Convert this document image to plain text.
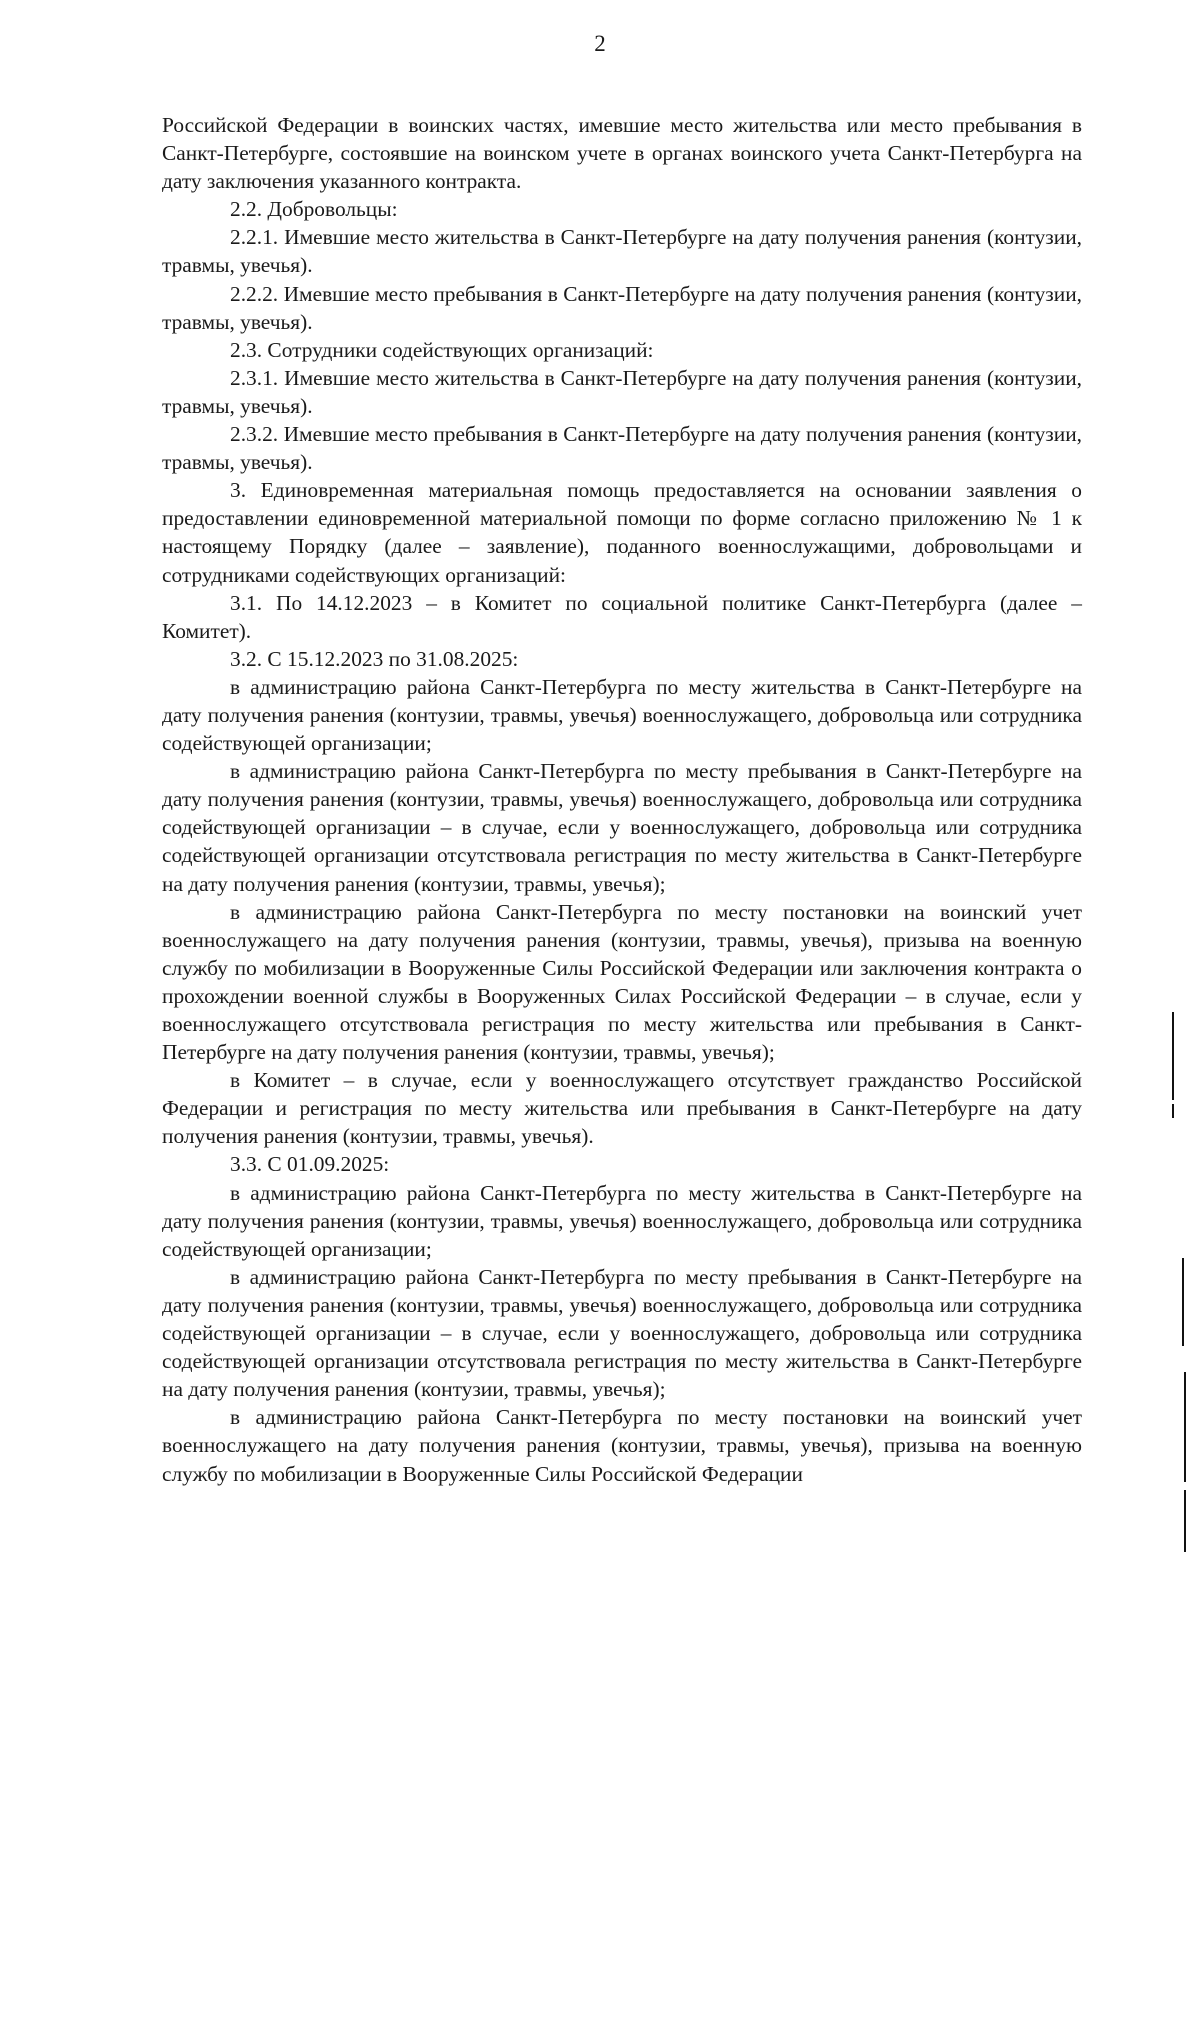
2

Российской Федерации в воинских частях, имевшие место жительства или место пребывания в Санкт-Петербурге, состоявшие на воинском учете в органах воинского учета Санкт-Петербурга на дату заключения указанного контракта.

2.2. Добровольцы:

2.2.1. Имевшие место жительства в Санкт-Петербурге на дату получения ранения (контузии, травмы, увечья).

2.2.2. Имевшие место пребывания в Санкт-Петербурге на дату получения ранения (контузии, травмы, увечья).

2.3. Сотрудники содействующих организаций:

2.3.1. Имевшие место жительства в Санкт-Петербурге на дату получения ранения (контузии, травмы, увечья).

2.3.2. Имевшие место пребывания в Санкт-Петербурге на дату получения ранения (контузии, травмы, увечья).

3. Единовременная материальная помощь предоставляется на основании заявления о предоставлении единовременной материальной помощи по форме согласно приложению № 1 к настоящему Порядку (далее – заявление), поданного военнослужащими, добровольцами и сотрудниками содействующих организаций:

3.1. По 14.12.2023 – в Комитет по социальной политике Санкт-Петербурга (далее – Комитет).

3.2. С 15.12.2023 по 31.08.2025:

в администрацию района Санкт-Петербурга по месту жительства в Санкт-Петербурге на дату получения ранения (контузии, травмы, увечья) военнослужащего, добровольца или сотрудника содействующей организации;

в администрацию района Санкт-Петербурга по месту пребывания в Санкт-Петербурге на дату получения ранения (контузии, травмы, увечья) военнослужащего, добровольца или сотрудника содействующей организации – в случае, если у военнослужащего, добровольца или сотрудника содействующей организации отсутствовала регистрация по месту жительства в Санкт-Петербурге на дату получения ранения (контузии, травмы, увечья);

в администрацию района Санкт-Петербурга по месту постановки на воинский учет военнослужащего на дату получения ранения (контузии, травмы, увечья), призыва на военную службу по мобилизации в Вооруженные Силы Российской Федерации или заключения контракта о прохождении военной службы в Вооруженных Силах Российской Федерации – в случае, если у военнослужащего отсутствовала регистрация по месту жительства или пребывания в Санкт-Петербурге на дату получения ранения (контузии, травмы, увечья);

в Комитет – в случае, если у военнослужащего отсутствует гражданство Российской Федерации и регистрация по месту жительства или пребывания в Санкт-Петербурге на дату получения ранения (контузии, травмы, увечья).

3.3. С 01.09.2025:

в администрацию района Санкт-Петербурга по месту жительства в Санкт-Петербурге на дату получения ранения (контузии, травмы, увечья) военнослужащего, добровольца или сотрудника содействующей организации;

в администрацию района Санкт-Петербурга по месту пребывания в Санкт-Петербурге на дату получения ранения (контузии, травмы, увечья) военнослужащего, добровольца или сотрудника содействующей организации – в случае, если у военнослужащего, добровольца или сотрудника содействующей организации отсутствовала регистрация по месту жительства в Санкт-Петербурге на дату получения ранения (контузии, травмы, увечья);

в администрацию района Санкт-Петербурга по месту постановки на воинский учет военнослужащего на дату получения ранения (контузии, травмы, увечья), призыва на военную службу по мобилизации в Вооруженные Силы Российской Федерации
